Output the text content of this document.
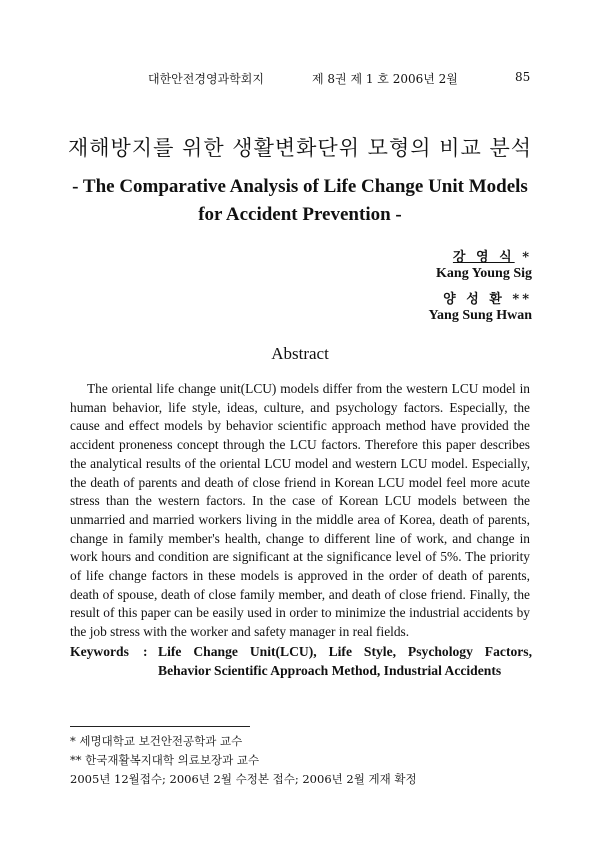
대한안전경영과학회지	제 8권 제 1 호 2006년 2월	85
재해방지를 위한 생활변화단위 모형의 비교 분석
- The Comparative Analysis of Life Change Unit Models for Accident Prevention -
강 영 식 *
Kang Young Sig
양 성 환 **
Yang Sung Hwan
Abstract

The oriental life change unit(LCU) models differ from the western LCU model in human behavior, life style, ideas, culture, and psychology factors. Especially, the cause and effect models by behavior scientific approach method have provided the accident proneness concept through the LCU factors. Therefore this paper describes the analytical results of the oriental LCU model and western LCU model. Especially, the death of parents and death of close friend in Korean LCU model feel more acute stress than the western factors. In the case of Korean LCU models between the unmarried and married workers living in the middle area of Korea, death of parents, change in family member's health, change to different line of work, and change in work hours and condition are significant at the significance level of 5%. The priority of life change factors in these models is approved in the order of death of parents, death of spouse, death of close family member, and death of close friend. Finally, the result of this paper can be easily used in order to minimize the industrial accidents by the job stress with the worker and safety manager in real fields.

Keywords : Life Change Unit(LCU), Life Style, Psychology Factors, Behavior Scientific Approach Method, Industrial Accidents
* 세명대학교 보건안전공학과 교수
** 한국재활복지대학 의료보장과 교수
2005년 12월접수; 2006년 2월 수정본 접수; 2006년 2월 게재 확정
